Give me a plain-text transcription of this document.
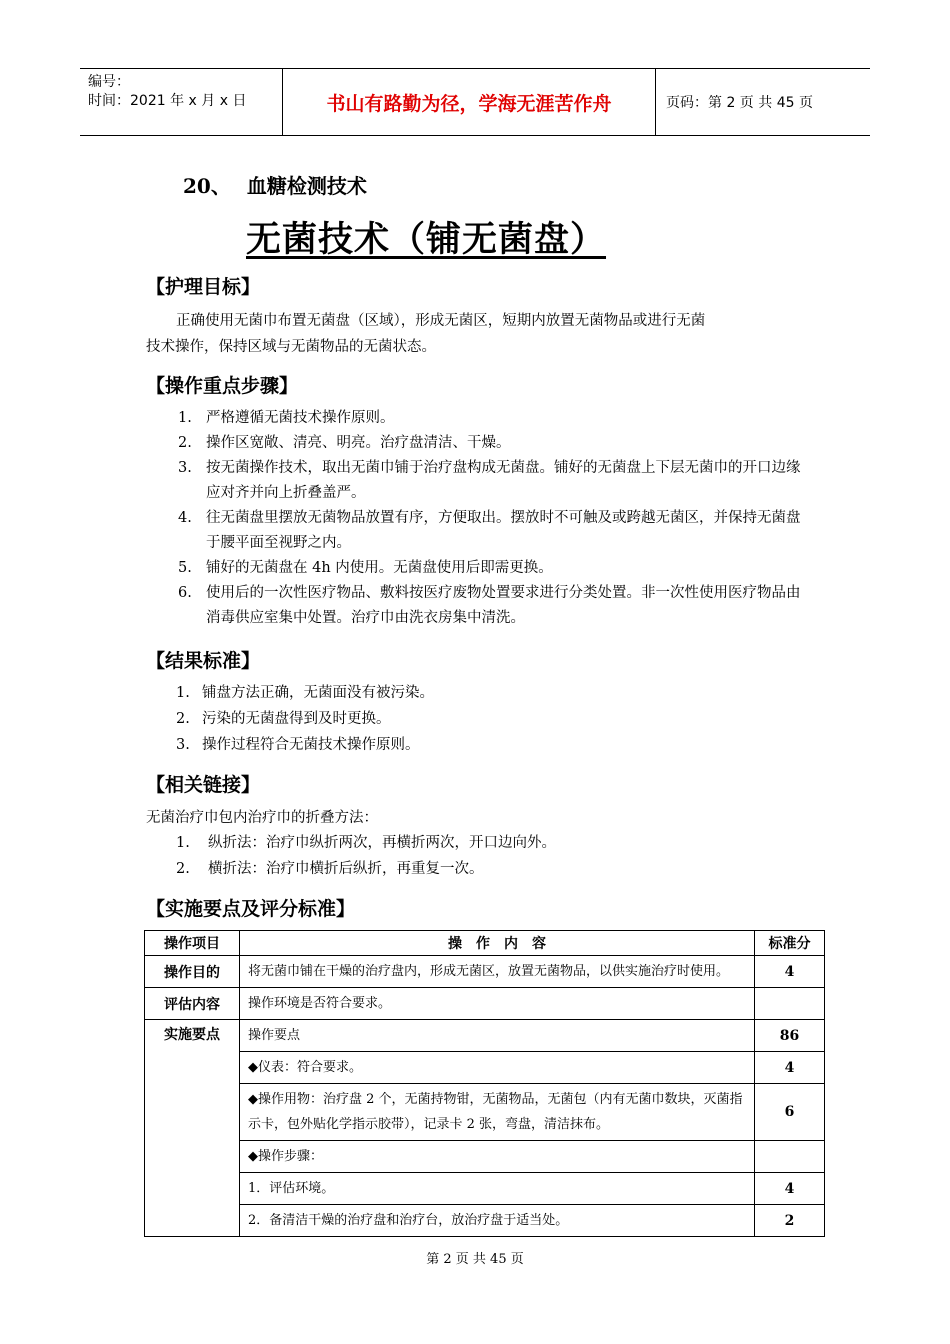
编号：
时间：2021 年 x 月 x 日	书山有路勤为径，学海无涯苦作舟	页码：第 2 页 共 45 页
20、 血糖检测技术
无菌技术（铺无菌盘）
【护理目标】
正确使用无菌巾布置无菌盘（区域），形成无菌区，短期内放置无菌物品或进行无菌
技术操作，保持区域与无菌物品的无菌状态。
【操作重点步骤】
1. 严格遵循无菌技术操作原则。
2. 操作区宽敞、清亮、明亮。治疗盘清洁、干燥。
3. 按无菌操作技术，取出无菌巾铺于治疗盘构成无菌盘。铺好的无菌盘上下层无菌巾的开口边缘应对齐并向上折叠盖严。
4. 往无菌盘里摆放无菌物品放置有序，方便取出。摆放时不可触及或跨越无菌区，并保持无菌盘于腰平面至视野之内。
5. 铺好的无菌盘在 4h 内使用。无菌盘使用后即需更换。
6. 使用后的一次性医疗物品、敷料按医疗废物处置要求进行分类处置。非一次性使用医疗物品由消毒供应室集中处置。治疗巾由洗衣房集中清洗。
【结果标准】
1. 铺盘方法正确，无菌面没有被污染。
2. 污染的无菌盘得到及时更换。
3. 操作过程符合无菌技术操作原则。
【相关链接】
无菌治疗巾包内治疗巾的折叠方法：
1. 纵折法：治疗巾纵折两次，再横折两次，开口边向外。
2. 横折法：治疗巾横折后纵折，再重复一次。
【实施要点及评分标准】
操作项目	操　作　内　容	标准分
操作目的	将无菌巾铺在干燥的治疗盘内，形成无菌区，放置无菌物品，以供实施治疗时使用。	4
评估内容	操作环境是否符合要求。	
实施要点	操作要点	86
	◆仪表：符合要求。	4
	◆操作用物：治疗盘 2 个，无菌持物钳，无菌物品，无菌包（内有无菌巾数块，灭菌指示卡，包外贴化学指示胶带），记录卡 2 张，弯盘，清洁抹布。	6
	◆操作步骤：	
	1．评估环境。	4
	2．备清洁干燥的治疗盘和治疗台，放治疗盘于适当处。	2
第 2 页 共 45 页
